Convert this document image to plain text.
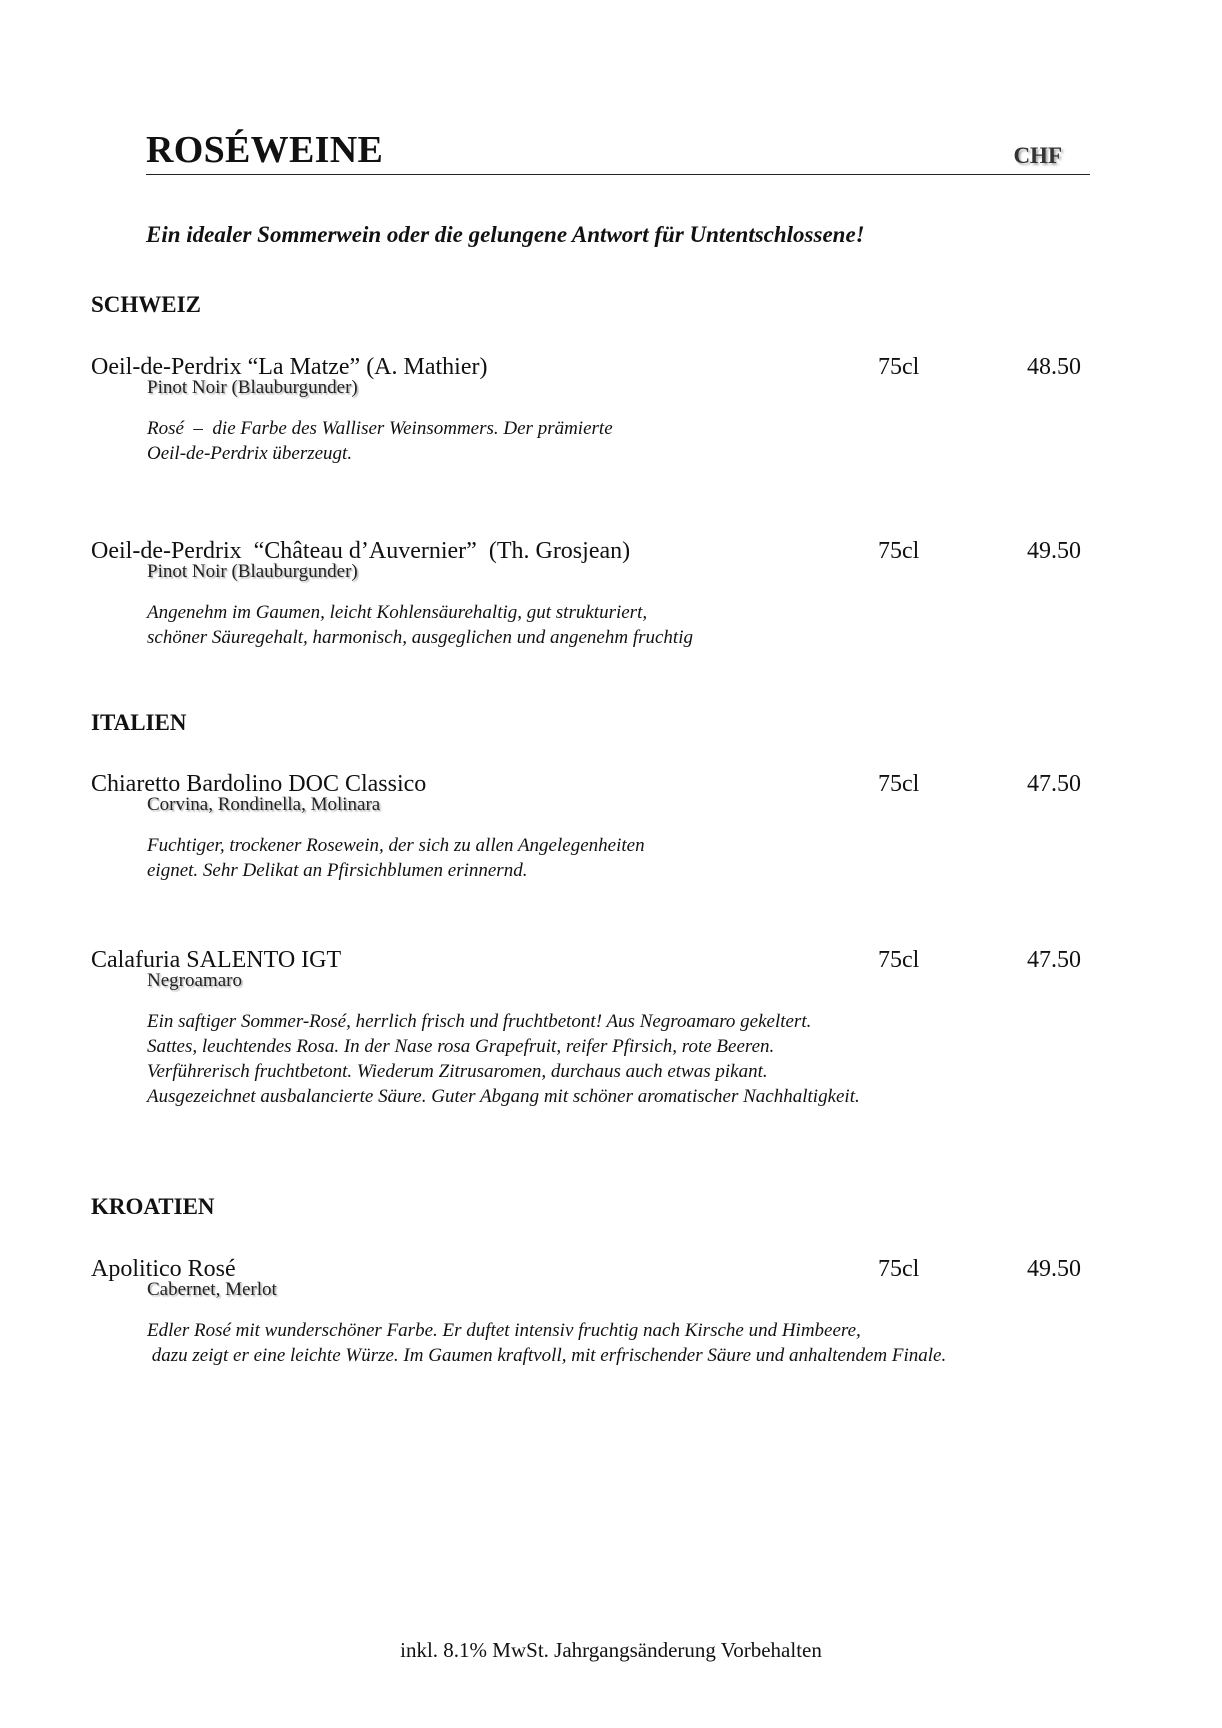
ROSÉWEINE	CHF
Ein idealer Sommerwein oder die gelungene Antwort für Untentschlossene!
SCHWEIZ
Oeil-de-Perdrix “La Matze” (A. Mathier)	75cl	48.50
Pinot Noir (Blauburgunder)
Rosé  –  die Farbe des Walliser Weinsommers. Der prämierte
Oeil-de-Perdrix überzeugt.
Oeil-de-Perdrix  “Château d’Auvernier”  (Th. Grosjean)	75cl	49.50
Pinot Noir (Blauburgunder)
Angenehm im Gaumen, leicht Kohlensäurehaltig, gut strukturiert,
schöner Säuregehalt, harmonisch, ausgeglichen und angenehm fruchtig
ITALIEN
Chiaretto Bardolino DOC Classico	75cl	47.50
Corvina, Rondinella, Molinara
Fuchtiger, trockener Rosewein, der sich zu allen Angelegenheiten
eignet. Sehr Delikat an Pfirsichblumen erinnernd.
Calafuria SALENTO IGT	75cl	47.50
Negroamaro
Ein saftiger Sommer-Rosé, herrlich frisch und fruchtbetont! Aus Negroamaro gekeltert.
Sattes, leuchtendes Rosa. In der Nase rosa Grapefruit, reifer Pfirsich, rote Beeren.
Verführerisch fruchtbetont. Wiederum Zitrusaromen, durchaus auch etwas pikant.
Ausgezeichnet ausbalancierte Säure. Guter Abgang mit schöner aromatischer Nachhaltigkeit.
KROATIEN
Apolitico Rosé	75cl	49.50
Cabernet, Merlot
Edler Rosé mit wunderschöner Farbe. Er duftet intensiv fruchtig nach Kirsche und Himbeere,
dazu zeigt er eine leichte Würze. Im Gaumen kraftvoll, mit erfrischender Säure und anhaltendem Finale.
inkl. 8.1% MwSt. Jahrgangsänderung Vorbehalten
